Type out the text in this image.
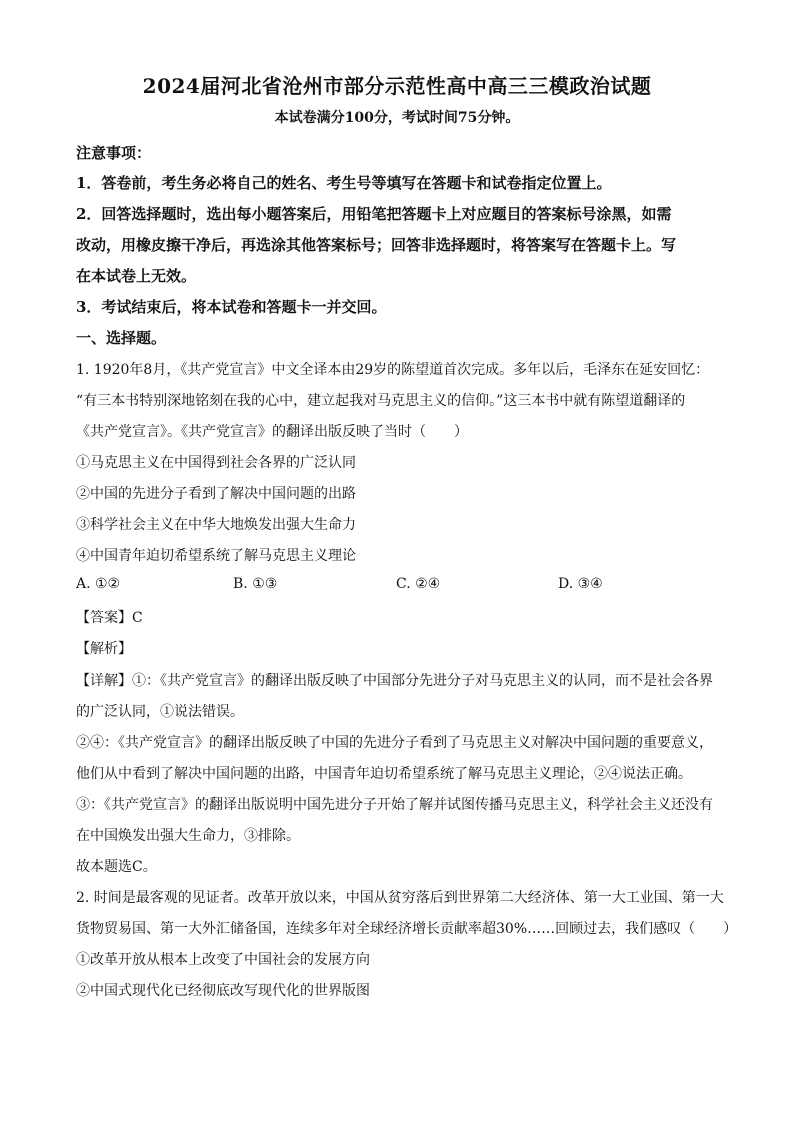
2024届河北省沧州市部分示范性高中高三三模政治试题
本试卷满分100分，考试时间75分钟。
注意事项：
1．答卷前，考生务必将自己的姓名、考生号等填写在答题卡和试卷指定位置上。
2．回答选择题时，选出每小题答案后，用铅笔把答题卡上对应题目的答案标号涂黑，如需
改动，用橡皮擦干净后，再选涂其他答案标号；回答非选择题时，将答案写在答题卡上。写
在本试卷上无效。
3．考试结束后，将本试卷和答题卡一并交回。
一、选择题。
1. 1920年8月，《共产党宣言》中文全译本由29岁的陈望道首次完成。多年以后，毛泽东在延安回忆：
“有三本书特别深地铭刻在我的心中，建立起我对马克思主义的信仰。”这三本书中就有陈望道翻译的
《共产党宣言》。《共产党宣言》的翻译出版反映了当时（　　）
①马克思主义在中国得到社会各界的广泛认同
②中国的先进分子看到了解决中国问题的出路
③科学社会主义在中华大地焕发出强大生命力
④中国青年迫切希望系统了解马克思主义理论
A. ①②	B. ①③	C. ②④	D. ③④
【答案】C
【解析】
【详解】①：《共产党宣言》的翻译出版反映了中国部分先进分子对马克思主义的认同，而不是社会各界
的广泛认同，①说法错误。
②④：《共产党宣言》的翻译出版反映了中国的先进分子看到了马克思主义对解决中国问题的重要意义，
他们从中看到了解决中国问题的出路，中国青年迫切希望系统了解马克思主义理论，②④说法正确。
③：《共产党宣言》的翻译出版说明中国先进分子开始了解并试图传播马克思主义，科学社会主义还没有
在中国焕发出强大生命力，③排除。
故本题选C。
2. 时间是最客观的见证者。改革开放以来，中国从贫穷落后到世界第二大经济体、第一大工业国、第一大
货物贸易国、第一大外汇储备国，连续多年对全球经济增长贡献率超30%……回顾过去，我们感叹（　　）
①改革开放从根本上改变了中国社会的发展方向
②中国式现代化已经彻底改写现代化的世界版图
